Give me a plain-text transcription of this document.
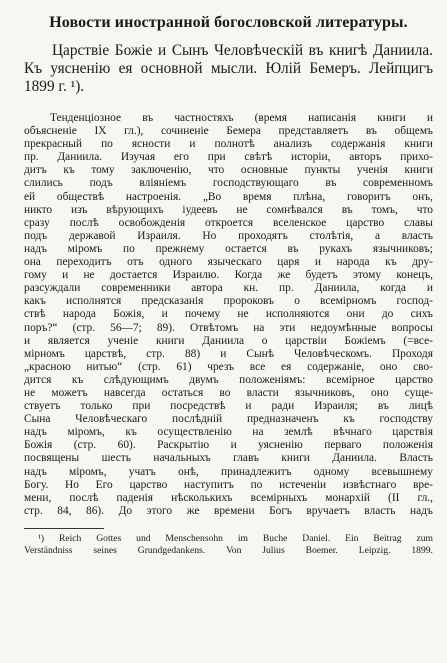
Новости иностранной богословской литературы.
Царствіе Божіе и Сынъ Человѣческій въ книгѣ Даниила. Къ уясненію ея основной мысли. Юлій Бемеръ. Лейпцигъ 1899 г. ¹).
Тенденціозное въ частностяхъ (время написанія книги и
объясненіе IX гл.), сочиненіе Бемера представляетъ въ общемъ
прекрасный по ясности и полнотѣ анализъ содержанія книги
пр. Даниила. Изучая его при свѣтѣ исторіи, авторъ прихо-
дитъ къ тому заключенію, что основные пункты ученія книги
слились подъ вліяніемъ господствующаго въ современномъ
ей обществѣ настроенія. „Во время плѣна, говоритъ онъ,
никто изъ вѣрующихъ іудеевъ не сомнѣвался въ томъ, что
сразу послѣ освобожденія откроется вселенское царство славы
подъ державой Израиля. Но проходятъ столѣтія, а власть
надъ міромъ по прежнему остается въ рукахъ язычниковъ;
она переходитъ отъ одного языческаго царя и народа къ дру-
гому и не достается Израилю. Когда же будетъ этому конецъ,
разсуждали современники автора кн. пр. Даниила, когда и
какъ исполнятся предсказанія пророковъ о всемірномъ господ-
ствѣ народа Божія, и почему не исполняются они до сихъ
поръ?“ (стр. 56—7; 89). Отвѣтомъ на эти недоумѣнные вопросы
и является ученіе книги Даниила о царствіи Божіемъ (=все-
мірномъ царствѣ, стр. 88) и Сынѣ Человѣческомъ. Проходя
„красною нитью“ (стр. 61) чрезъ все ея содержаніе, оно сво-
дится къ слѣдующимъ двумъ положеніямъ: всемірное царство
не можетъ навсегда остаться во власти язычниковъ, оно суще-
ствуетъ только при посредствѣ и ради Израиля; въ лицѣ
Сына Человѣческаго послѣдній предназначенъ къ господству
надъ міромъ, къ осуществленію на землѣ вѣчнаго царствія
Божія (стр. 60). Раскрытію и уясненію перваго положенія
посвящены шесть начальныхъ главъ книги Даниила. Власть
надъ міромъ, учатъ онѣ, принадлежитъ одному всевышнему
Богу. Но Его царство наступитъ по истеченіи извѣстнаго вре-
мени, послѣ паденія нѣсколькихъ всемірныхъ монархій (II гл.,
стр. 84, 86). До этого же времени Богъ вручаетъ власть надъ
¹) Reich Gottes und Menschensohn im Buche Daniel. Ein Beitrag zum
Verständniss seines Grundgedankens. Von Julius Boemer. Leipzig. 1899.
